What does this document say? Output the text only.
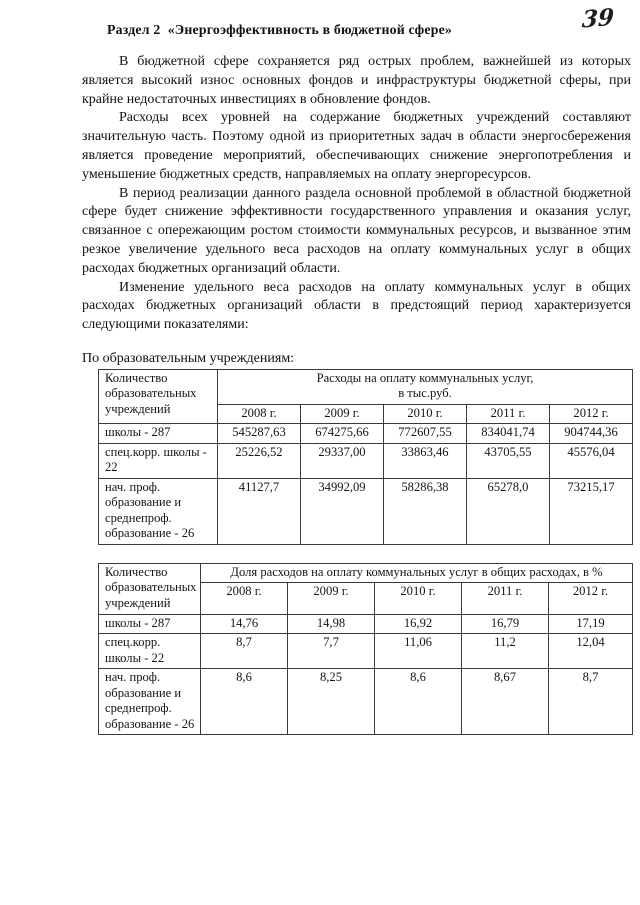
39
Раздел 2  «Энергоэффективность в бюджетной сфере»

В бюджетной сфере сохраняется ряд острых проблем, важнейшей из которых является высокий износ основных фондов и инфраструктуры бюджетной сферы, при крайне недостаточных инвестициях в обновление фондов.

Расходы всех уровней на содержание бюджетных учреждений составляют значительную часть. Поэтому одной из приоритетных задач в области энергосбережения является проведение мероприятий, обеспечивающих снижение энергопотребления и уменьшение бюджетных средств, направляемых на оплату энергоресурсов.

В период реализации данного раздела основной проблемой в областной бюджетной сфере будет снижение эффективности государственного управления и оказания услуг, связанное с опережающим ростом стоимости коммунальных ресурсов, и вызванное этим резкое увеличение удельного веса расходов на оплату коммунальных услуг в общих расходах бюджетных организаций области.

Изменение удельного веса расходов на оплату коммунальных услуг в общих расходах бюджетных организаций области в предстоящий период характеризуется следующими показателями:

По образовательным учреждениям:
Количество образовательных учреждений	Расходы на оплату коммунальных услуг,
в тыс.руб.				

	2008 г.	2009 г.	2010 г.	2011 г.	2012 г.
школы - 287	545287,63	674275,66	772607,55	834041,74	904744,36
спец.корр. школы - 22	25226,52	29337,00	33863,46	43705,55	45576,04
нач. проф. образование и среднепроф. образование - 26	41127,7	34992,09	58286,38	65278,0	73215,17
Количество образовательных учреждений	Доля расходов на оплату коммунальных услуг в общих расходах, в %				
	2008 г.	2009 г.	2010 г.	2011 г.	2012 г.
школы - 287	14,76	14,98	16,92	16,79	17,19
спец.корр. школы - 22	8,7	7,7	11,06	11,2	12,04
нач. проф. образование и среднепроф. образование - 26	8,6	8,25	8,6	8,67	8,7
